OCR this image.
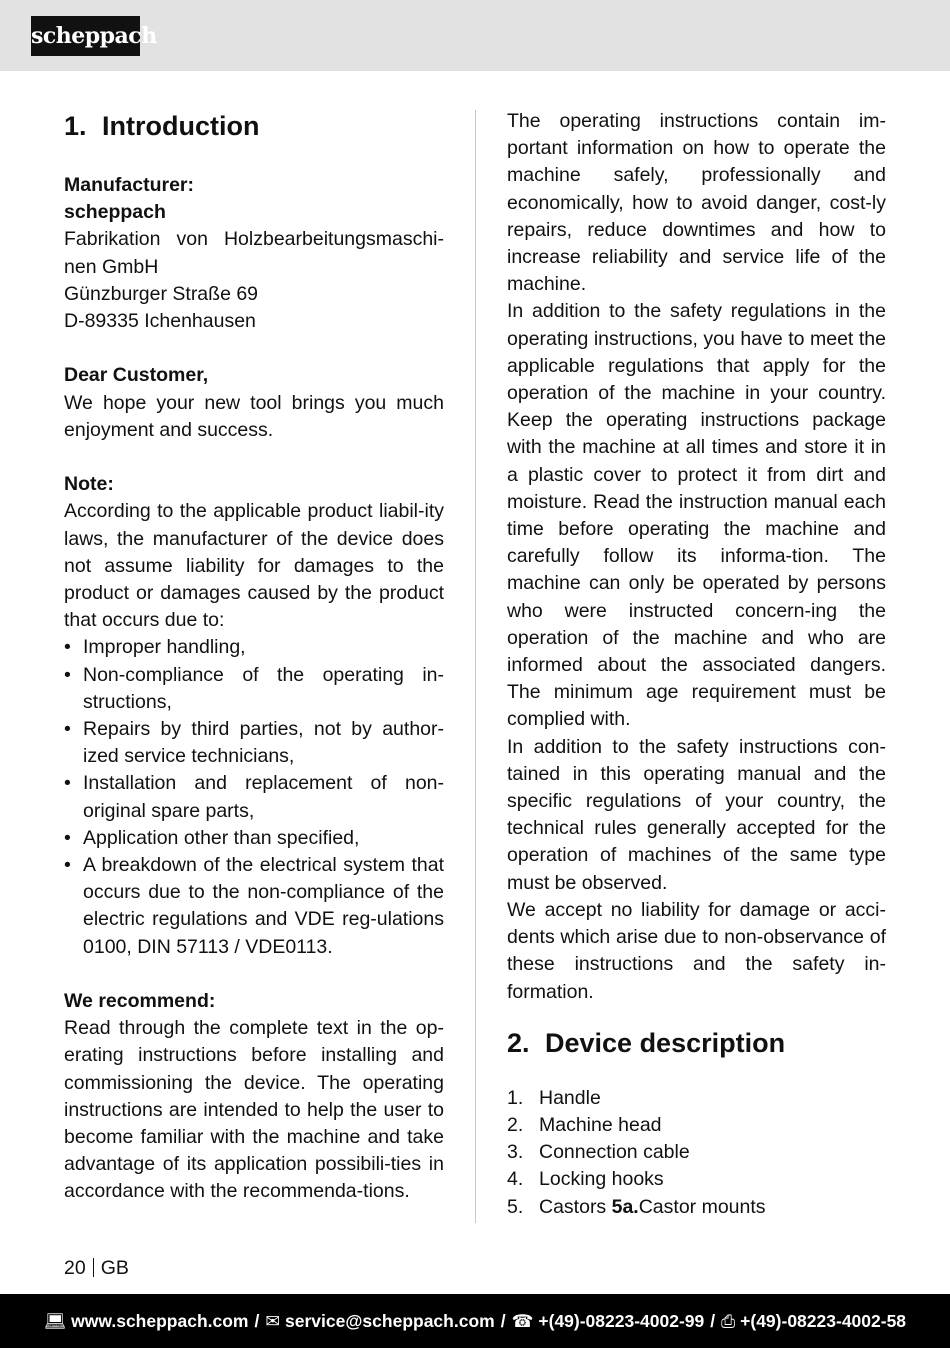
scheppach
1. Introduction
Manufacturer:
scheppach
Fabrikation von Holzbearbeitungsmaschi-nen GmbH
Günzburger Straße 69
D-89335 Ichenhausen
Dear Customer,
We hope your new tool brings you much enjoyment and success.
Note:
According to the applicable product liabil-ity laws, the manufacturer of the device does not assume liability for damages to the product or damages caused by the product that occurs due to:
• Improper handling,
• Non-compliance of the operating in-structions,
• Repairs by third parties, not by author-ized service technicians,
• Installation and replacement of non-original spare parts,
• Application other than specified,
• A breakdown of the electrical system that occurs due to the non-compliance of the electric regulations and VDE reg-ulations 0100, DIN 57113 / VDE0113.
We recommend:
Read through the complete text in the op-erating instructions before installing and commissioning the device. The operating instructions are intended to help the user to become familiar with the machine and take advantage of its application possibili-ties in accordance with the recommenda-tions.
The operating instructions contain im-portant information on how to operate the machine safely, professionally and economically, how to avoid danger, cost-ly repairs, reduce downtimes and how to increase reliability and service life of the machine.
In addition to the safety regulations in the operating instructions, you have to meet the applicable regulations that apply for the operation of the machine in your country. Keep the operating instructions package with the machine at all times and store it in a plastic cover to protect it from dirt and moisture. Read the instruction manual each time before operating the machine and carefully follow its informa-tion. The machine can only be operated by persons who were instructed concern-ing the operation of the machine and who are informed about the associated dangers. The minimum age requirement must be complied with.
In addition to the safety instructions con-tained in this operating manual and the specific regulations of your country, the technical rules generally accepted for the operation of machines of the same type must be observed.
We accept no liability for damage or acci-dents which arise due to non-observance of these instructions and the safety in-formation.
2. Device description
1. Handle
2. Machine head
3. Connection cable
4. Locking hooks
5. Castors 5a.Castor mounts
20 GB
💻︎ www.scheppach.com / ✉︎ service@scheppach.com / ☎︎ +(49)-08223-4002-99 / ⎙︎ +(49)-08223-4002-58
